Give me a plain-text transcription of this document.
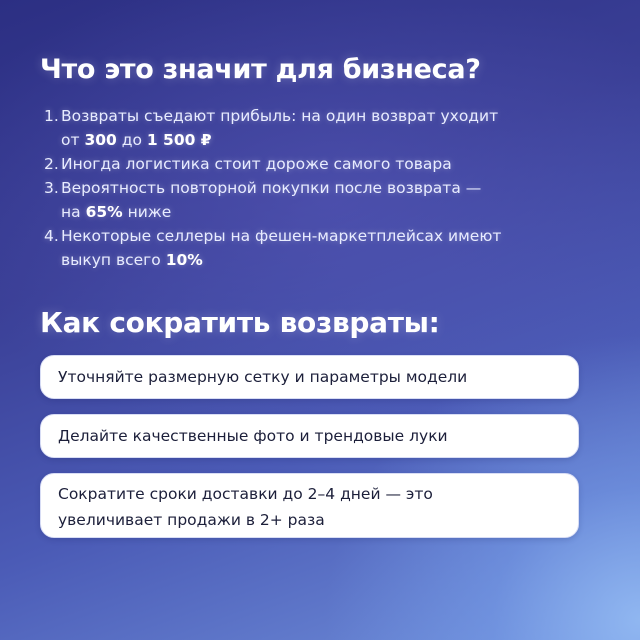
Что это значит для бизнеса?
1. Возвраты съедают прибыль: на один возврат уходит
от 300 до 1 500 ₽
2. Иногда логистика стоит дороже самого товара
3. Вероятность повторной покупки после возврата —
на 65% ниже
4. Некоторые селлеры на фешен-маркетплейсах имеют
выкуп всего 10%
Как сократить возвраты:
Уточняйте размерную сетку и параметры модели
Делайте качественные фото и трендовые луки
Сократите сроки доставки до 2–4 дней — это
увеличивает продажи в 2+ раза
